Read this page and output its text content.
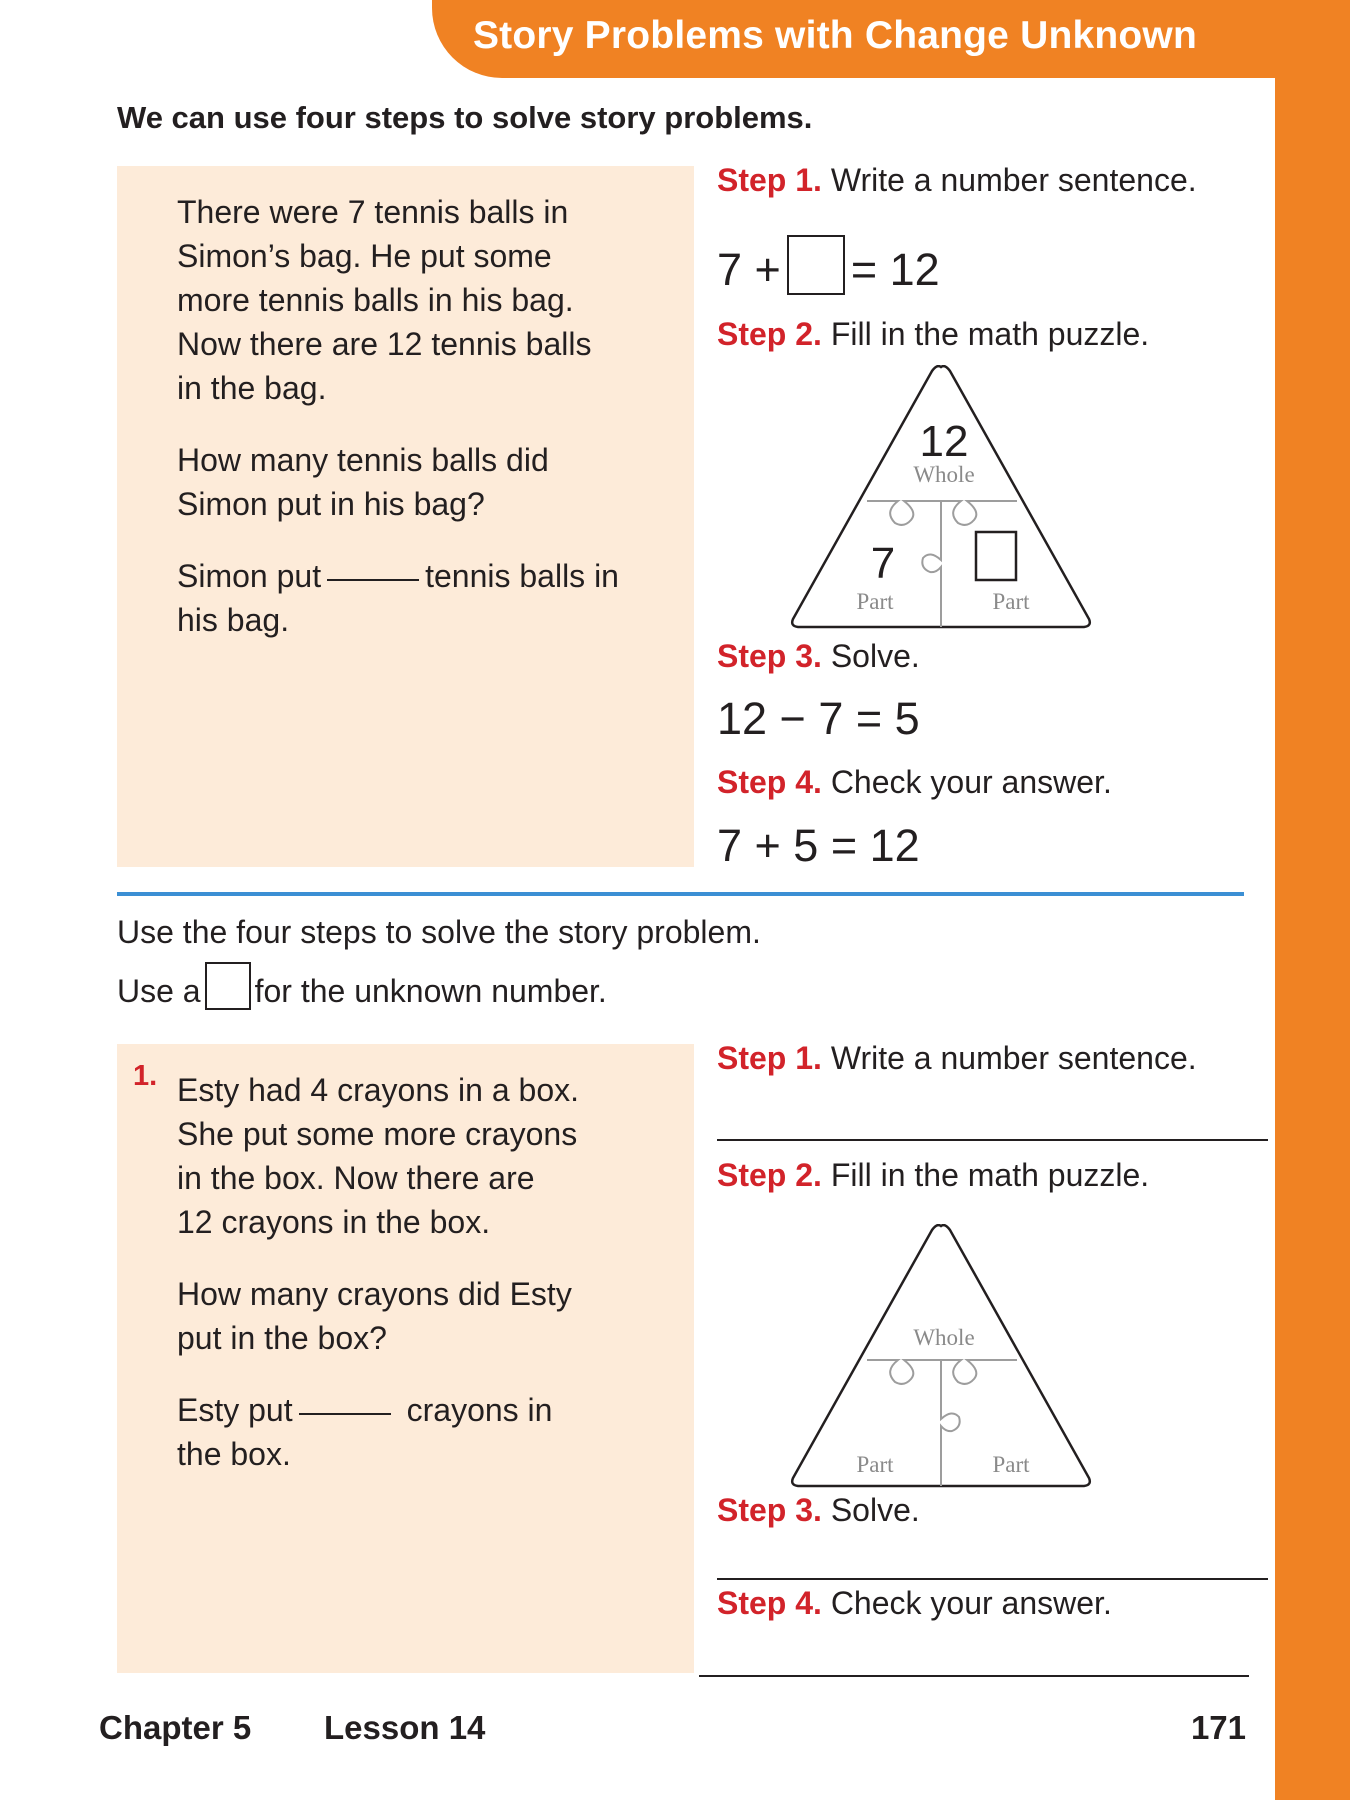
Story Problems with Change Unknown
We can use four steps to solve story problems.

There were 7 tennis balls in

Simon’s bag. He put some

more tennis balls in his bag.

Now there are 12 tennis balls

in the bag.

How many tennis balls did

Simon put in his bag?

Simon put	tennis balls in

his bag.

Step 1. Write a number sentence.
7 + = 12
Step 2. Fill in the math puzzle.
12
Whole
7
Part	Part
Step 3. Solve.
12 − 7 = 5
Step 4. Check your answer.
7 + 5 = 12
Use the four steps to solve the story problem.
Use a for the unknown number.
1. Esty had 4 crayons in a box.

She put some more crayons

in the box. Now there are

12 crayons in the box.

How many crayons did Esty

put in the box?

Esty put	crayons in

the box.

Step 1. Write a number sentence.
Step 2. Fill in the math puzzle.
Whole
Part	Part
Step 3. Solve.
Step 4. Check your answer.
Chapter 5 Lesson 14	171
